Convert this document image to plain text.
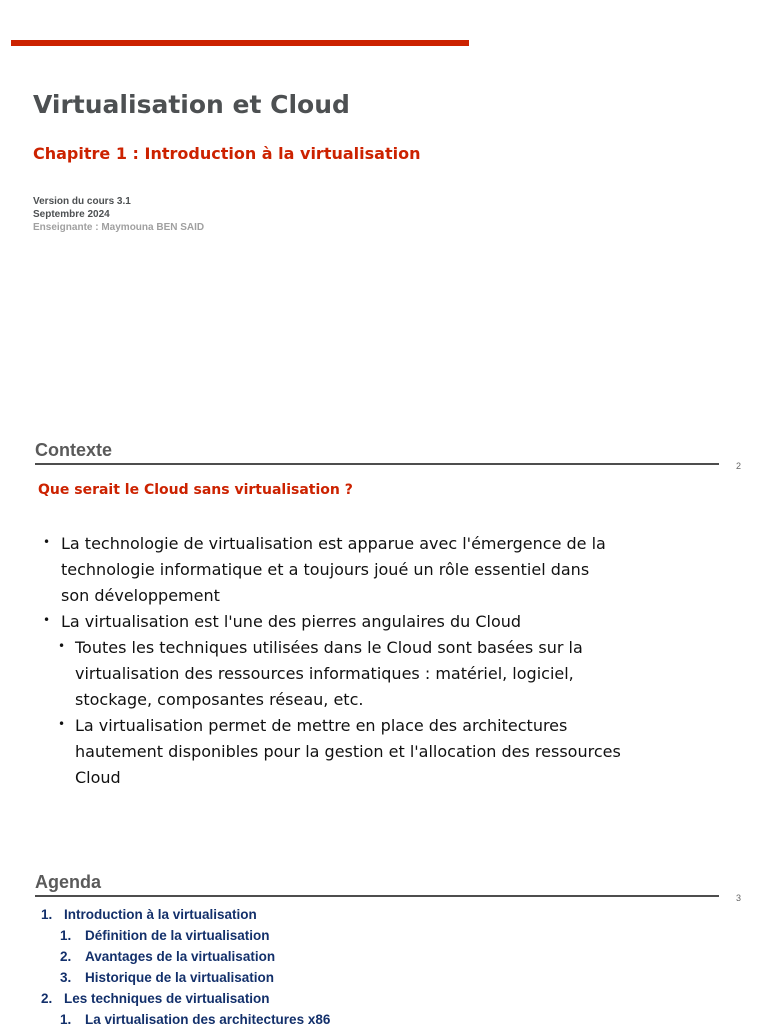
Virtualisation et Cloud
Chapitre 1 : Introduction à la virtualisation

Version du cours 3.1

Septembre 2024

Enseignante : Maymouna BEN SAID

Contexte
2

Que serait le Cloud sans virtualisation ?

• La technologie de virtualisation est apparue avec l'émergence de la technologie informatique et a toujours joué un rôle essentiel dans son développement
• La virtualisation est l'une des pierres angulaires du Cloud
• Toutes les techniques utilisées dans le Cloud sont basées sur la virtualisation des ressources informatiques : matériel, logiciel, stockage, composantes réseau, etc.
• La virtualisation permet de mettre en place des architectures hautement disponibles pour la gestion et l'allocation des ressources Cloud
Agenda
3
1. Introduction à la virtualisation
1. Définition de la virtualisation
2. Avantages de la virtualisation
3. Historique de la virtualisation
2. Les techniques de virtualisation
1. La virtualisation des architectures x86
